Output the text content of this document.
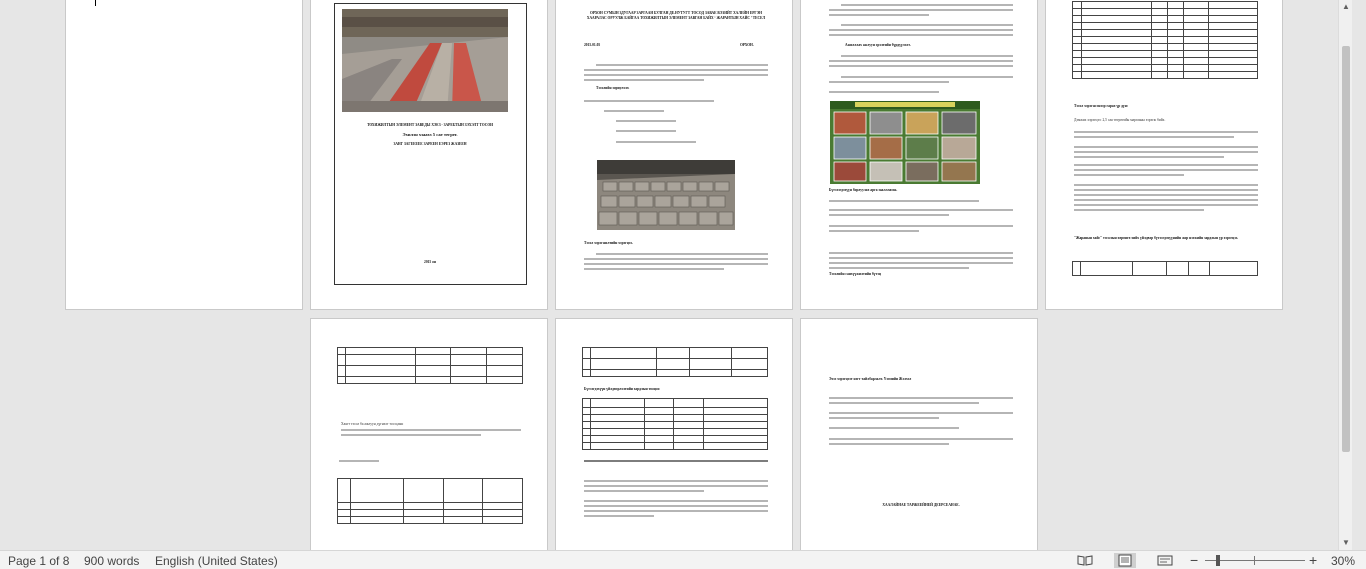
ТОХИЖИЛТЫН ЭЛЕМЕНТ ЗАВЕДЫ ХЭЕЗ - ЗАРЕБТЫН ЗЭХЭЛТ ТОСОИ
Эхилэн хзаахз 5 сае тегрег.
ЗАНГ ЗАГЕЕЕЕЕ ЗАРЕЕН ЕЭРЕЗ ЖАЗЕЕН
2015 он
ОРХОН СУМЫН ЗДУГААР ЗАРГААН БУЛГАН ДЕ.НУТУГТ ТОСОД ЗАВАЕ ВЭЗИЙТ ХАЛЕЙН ЕРГЭН ХААРАЛАС ОРУУЛЖ БАЙГАА ТОХИЖИЛТЫН ЭЛЕМЕНТ ЗАВГАН БАЙХ ‘ ЖАРАНТЫН ХАЙС ’ ТЕСЕЛ
2015.01.05	ОРХОН.
Тэсолийн зориулэлт.
Тэсол хэрэгжилтийн хэрэгцээ.
Ажилллах ажлуун эрэлтийн бүрдүүлэлт.
Бүтэээгдэхүүн борлуулах арга зааллламж.
Тэсолийн санхүүжилтийн бүтэц

Тэсол хэрэгжсэнээр гарах үр дүн:
Дэмжих хэрэгцээ: 2,5 сая төгрөгийн маргааны зэрэгж бийх.
"Жаранын хайс" тэсолын хөрөнгө хийх үйлдвэр бүтээгдэхүүнийн жор нэгжийн зардлын үр хэрэгцээ.

Хаягт тэсол ба ажлуун дүгнэлт тоо цааш

Бүтээгдэхүүн үйлдвэрлэлтийн зардлын тооцоо

Эхээ хэрэгцээт нэгт тайлбарлалт. Үзэмийн Жэлхэл
ХААЛАЙНАЕ ТАРЖЕЕЙНЕЙ ДЕЕРСЕАНАЕ.
▲
▼
Page 1 of 8 900 words English (United States)	−	+ 30%
